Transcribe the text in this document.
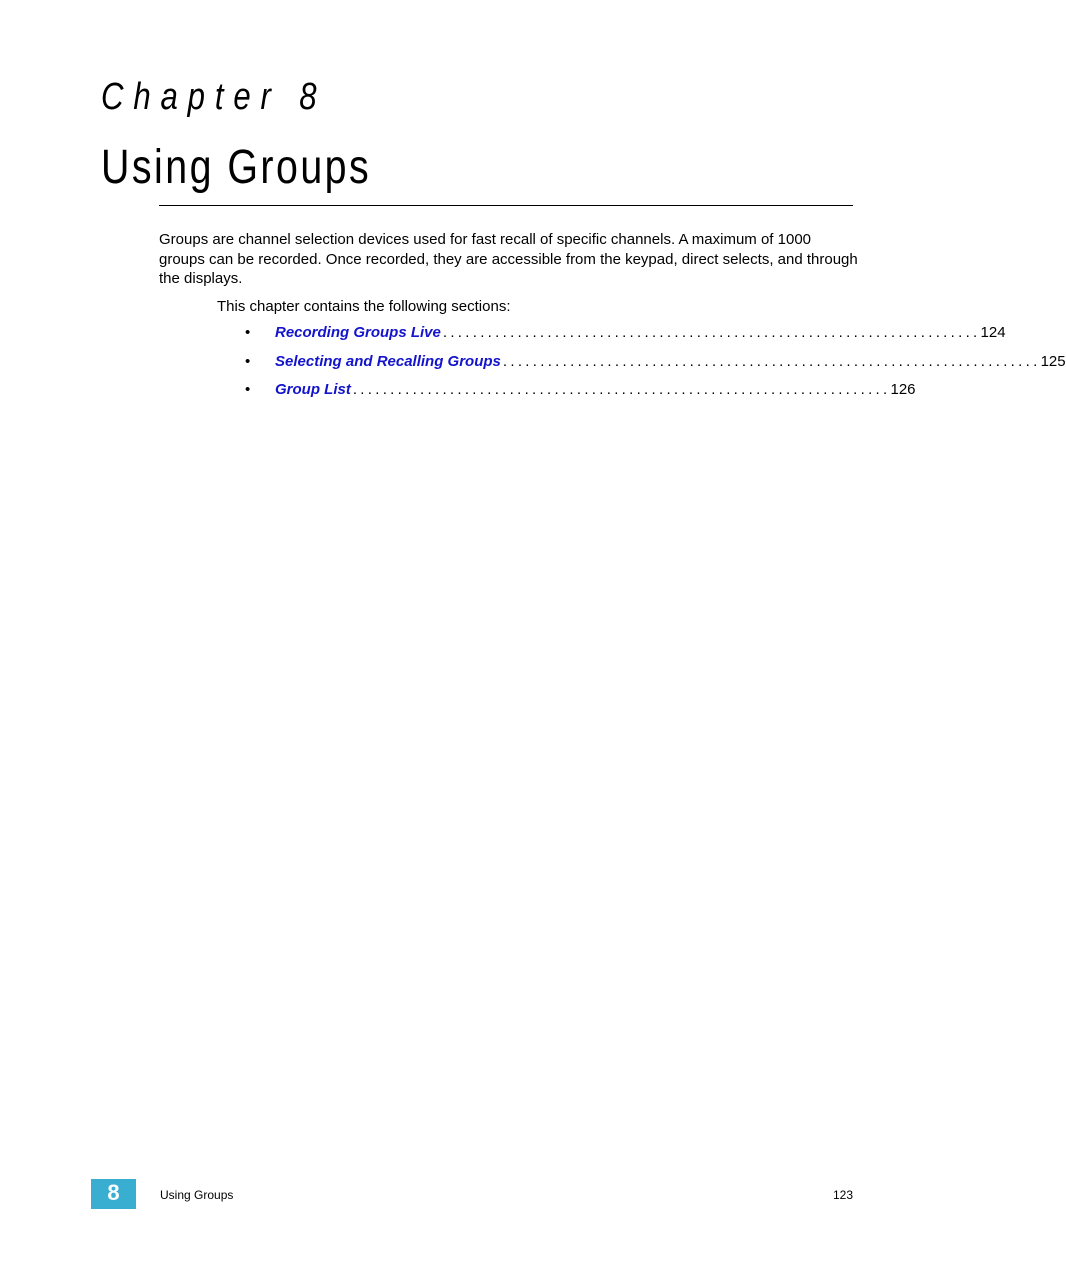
Chapter 8
Using Groups

Groups are channel selection devices used for fast recall of specific channels. A maximum of 1000 groups can be recorded. Once recorded, they are accessible from the keypad, direct selects, and through the displays.

This chapter contains the following sections:

•	Recording Groups Live ........................................................................ 124
•	Selecting and Recalling Groups ........................................................................ 125
•	Group List ........................................................................ 126
8	Using Groups	123
